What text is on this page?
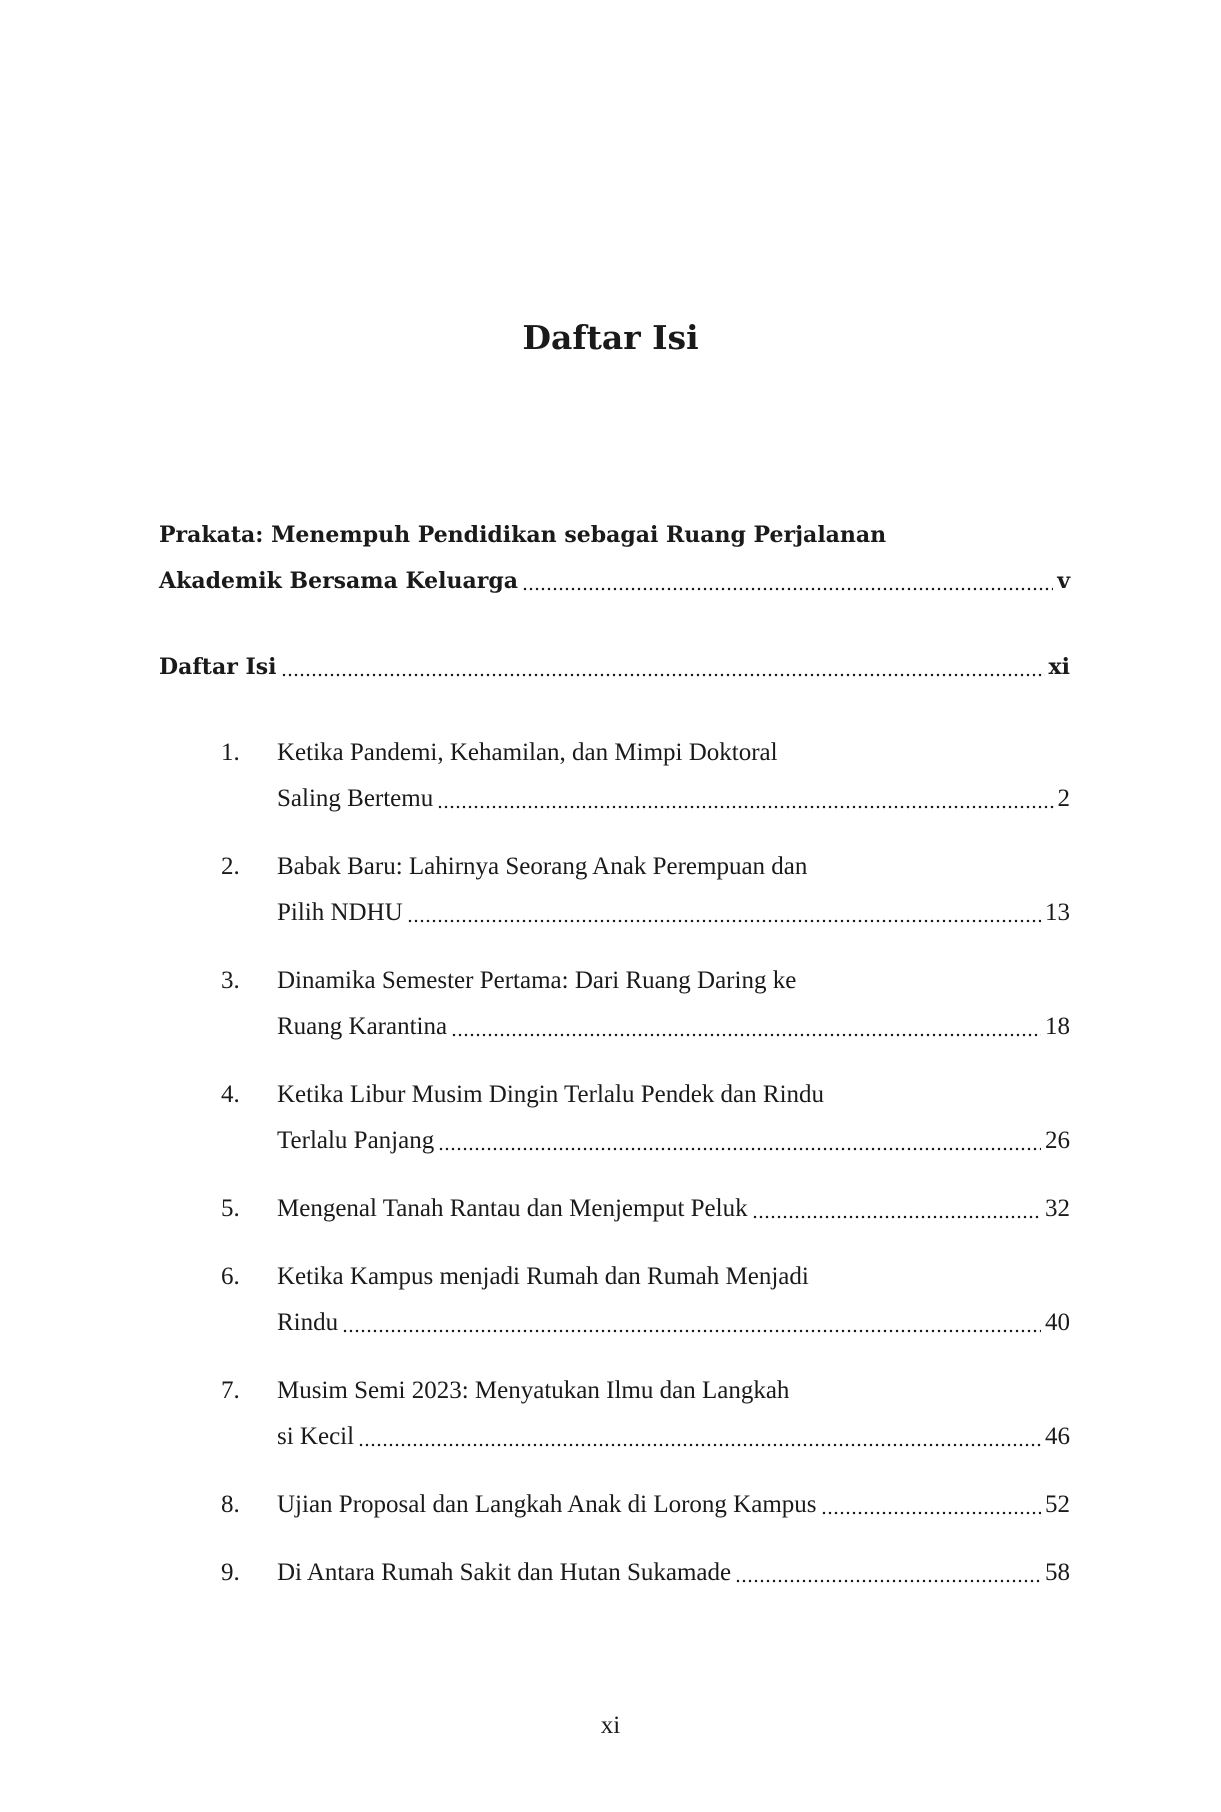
Daftar Isi
Prakata: Menempuh Pendidikan sebagai Ruang Perjalanan
Akademik Bersama Keluarga	v
Daftar Isi	xi
1.	Ketika Pandemi, Kehamilan, dan Mimpi Doktoral
Saling Bertemu	2
2.	Babak Baru: Lahirnya Seorang Anak Perempuan dan
Pilih NDHU	13
3.	Dinamika Semester Pertama: Dari Ruang Daring ke
Ruang Karantina	18
4.	Ketika Libur Musim Dingin Terlalu Pendek dan Rindu
Terlalu Panjang	26
5.	Mengenal Tanah Rantau dan Menjemput Peluk	32
6.	Ketika Kampus menjadi Rumah dan Rumah Menjadi
Rindu	40
7.	Musim Semi 2023: Menyatukan Ilmu dan Langkah
si Kecil	46
8.	Ujian Proposal dan Langkah Anak di Lorong Kampus	52
9.	Di Antara Rumah Sakit dan Hutan Sukamade	58
xi
